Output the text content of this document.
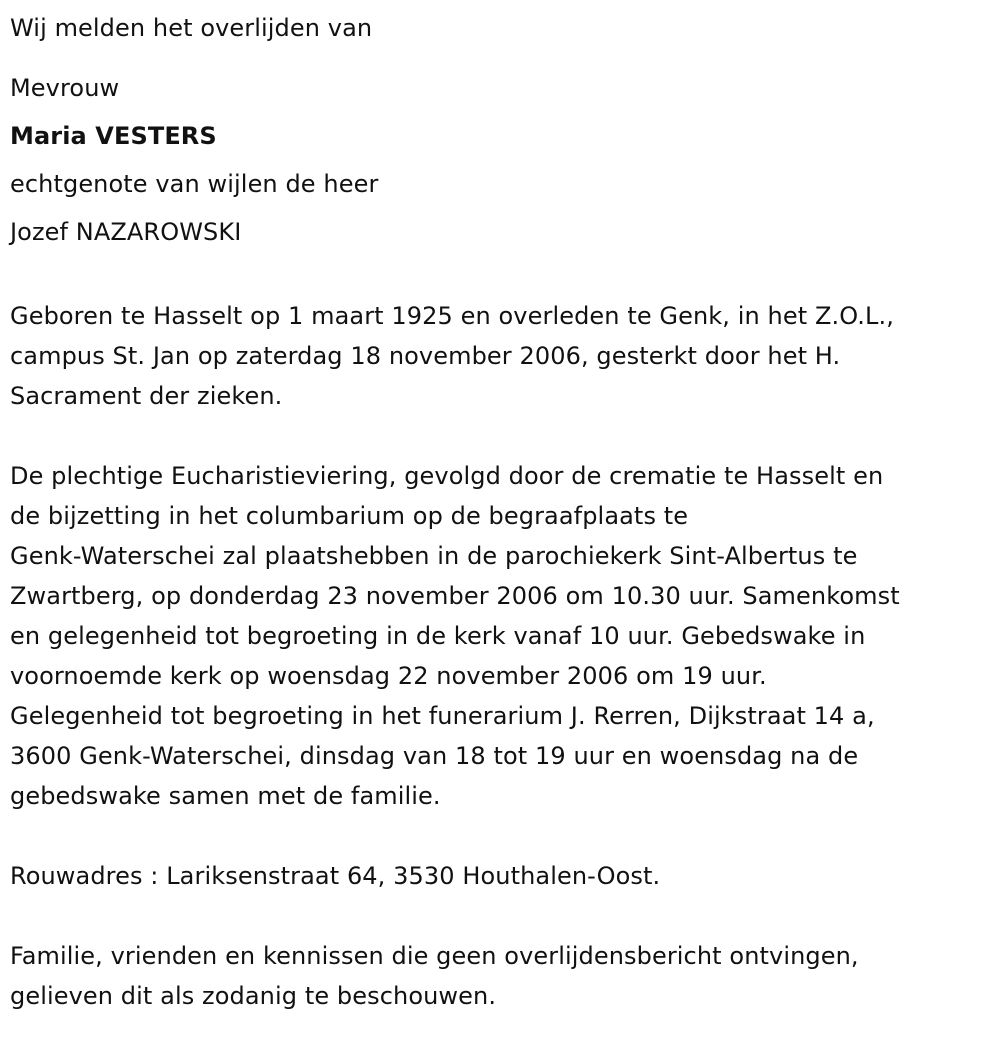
Wij melden het overlijden van

Mevrouw

Maria VESTERS

echtgenote van wijlen de heer

Jozef NAZAROWSKI

Geboren te Hasselt op 1 maart 1925 en overleden te Genk, in het Z.O.L.,

campus St. Jan op zaterdag 18 november 2006, gesterkt door het H.

Sacrament der zieken.

De plechtige Eucharistieviering, gevolgd door de crematie te Hasselt en

de bijzetting in het columbarium op de begraafplaats te

Genk-Waterschei zal plaatshebben in de parochiekerk Sint-Albertus te

Zwartberg, op donderdag 23 november 2006 om 10.30 uur. Samenkomst

en gelegenheid tot begroeting in de kerk vanaf 10 uur. Gebedswake in

voornoemde kerk op woensdag 22 november 2006 om 19 uur.

Gelegenheid tot begroeting in het funerarium J. Rerren, Dijkstraat 14 a,

3600 Genk-Waterschei, dinsdag van 18 tot 19 uur en woensdag na de

gebedswake samen met de familie.

Rouwadres : Lariksenstraat 64, 3530 Houthalen-Oost.

Familie, vrienden en kennissen die geen overlijdensbericht ontvingen,

gelieven dit als zodanig te beschouwen.
